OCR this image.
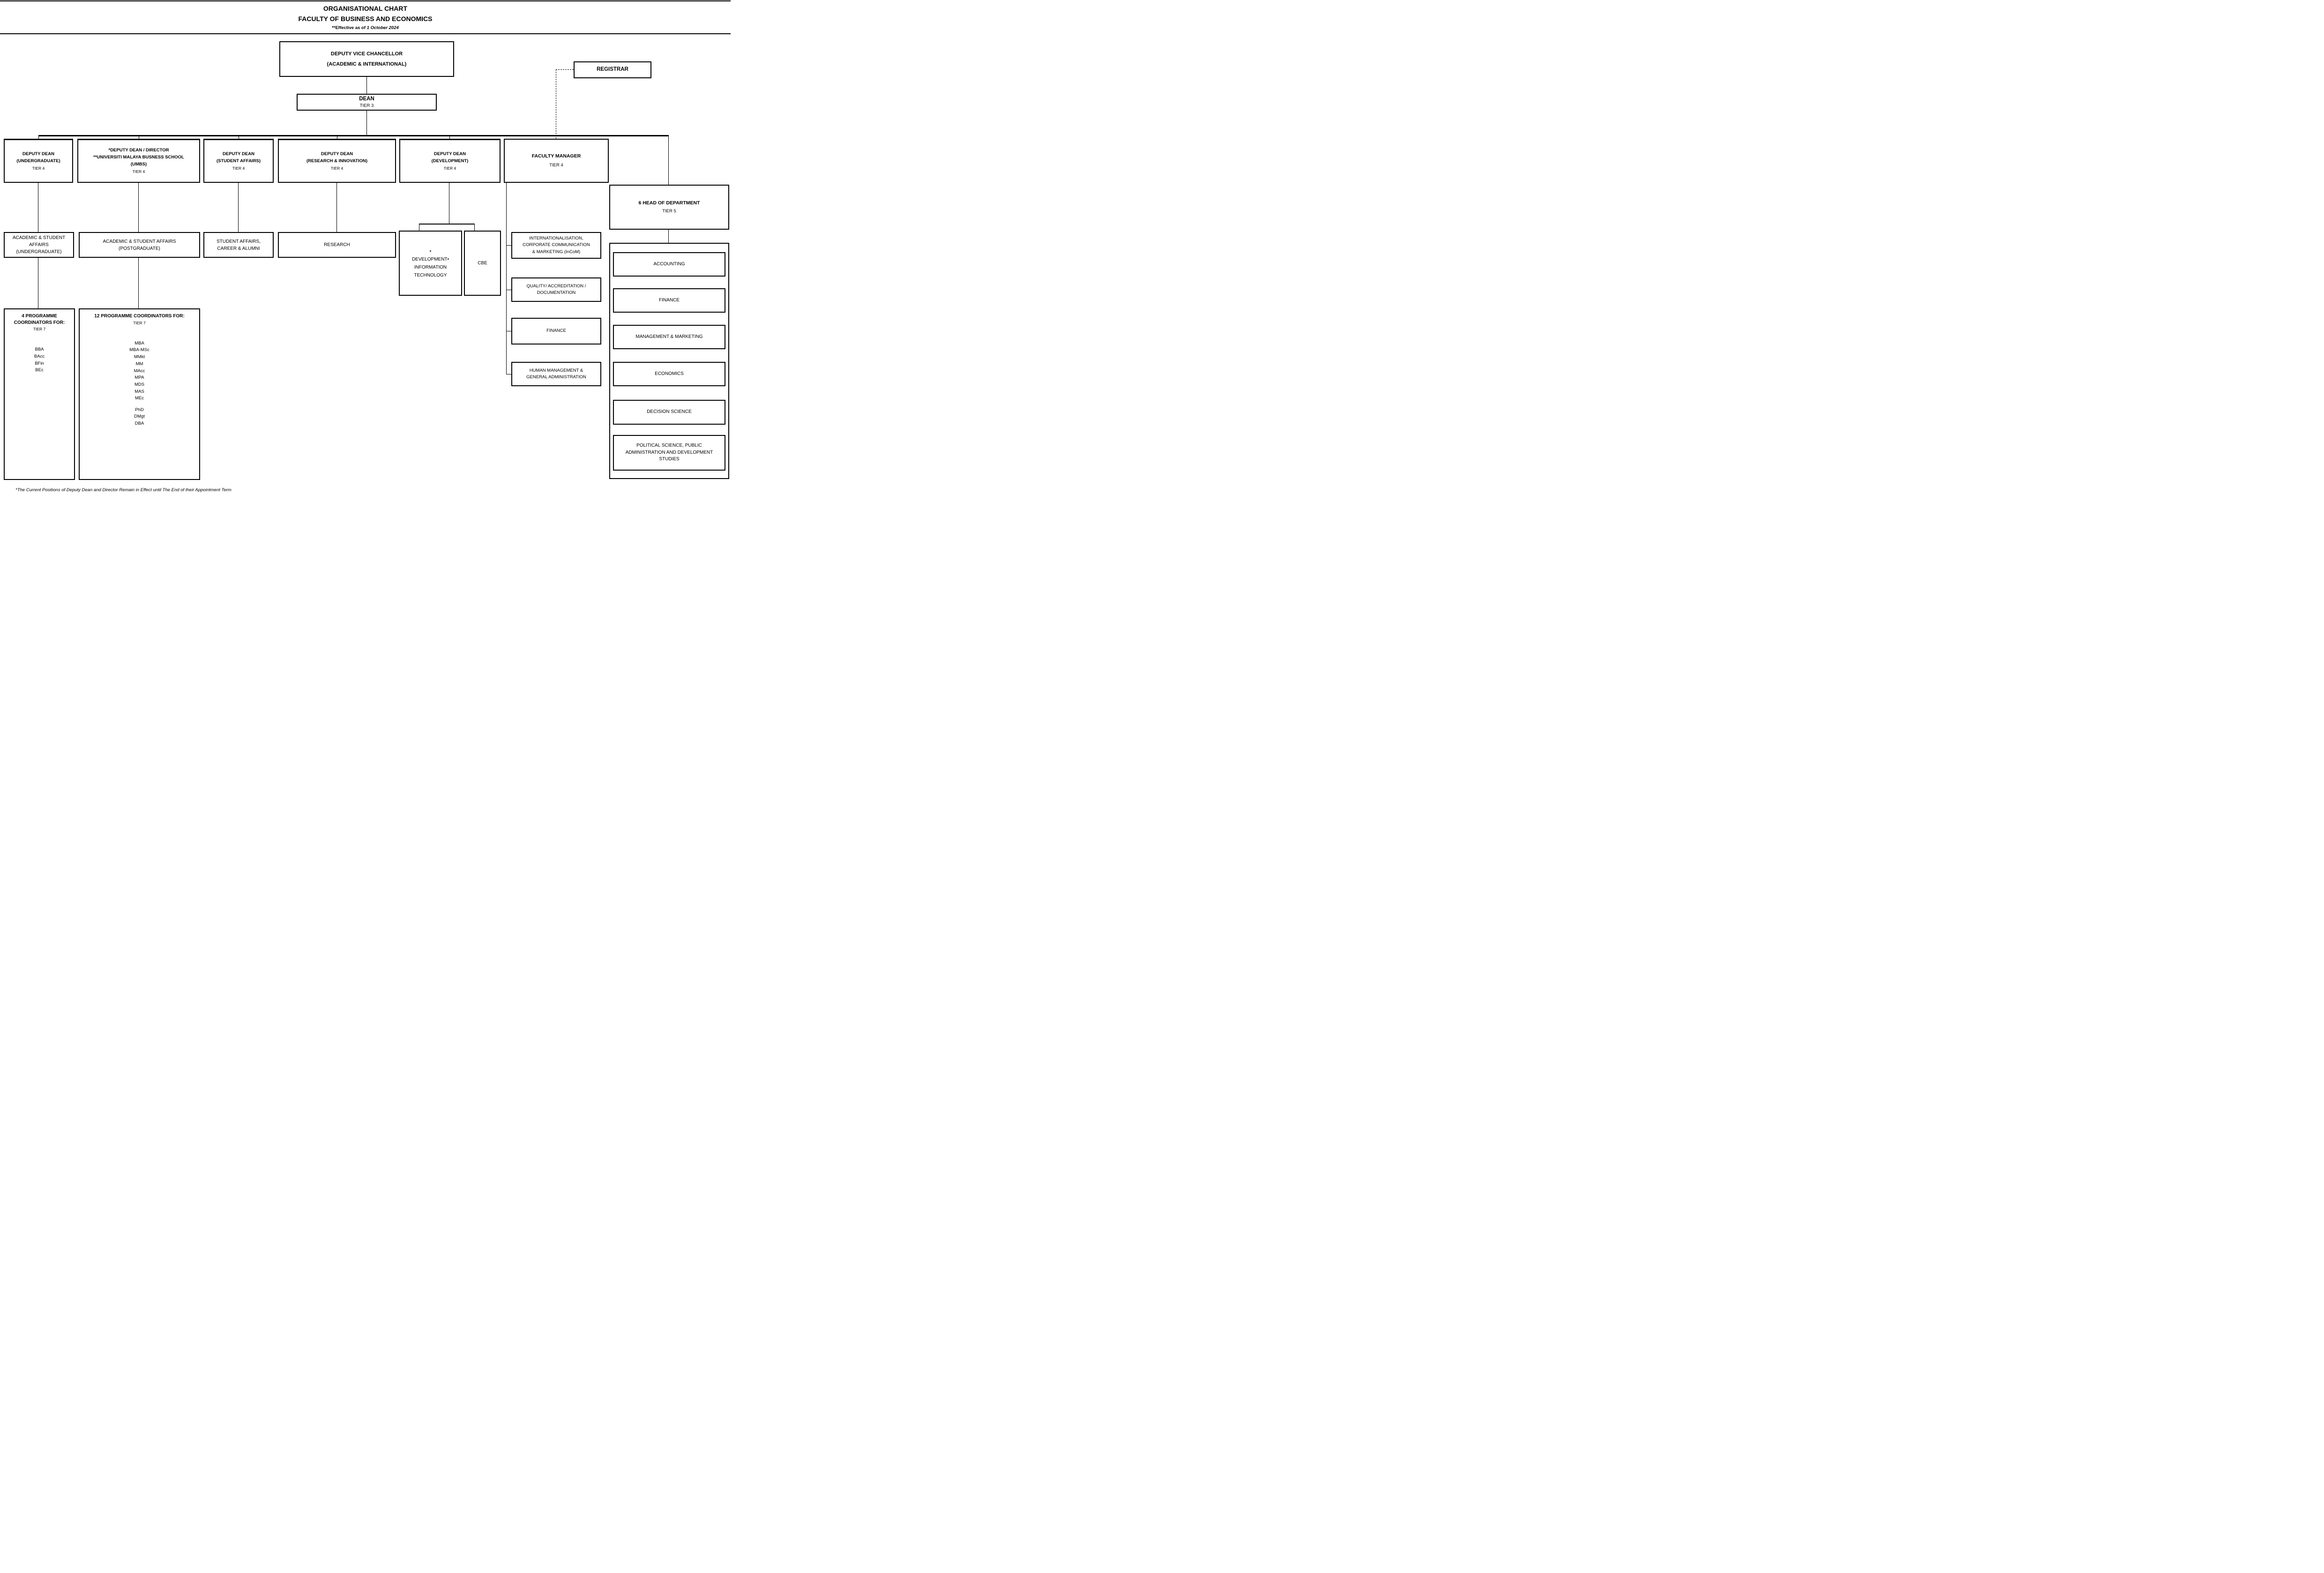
ORGANISATIONAL CHART
FACULTY OF BUSINESS AND ECONOMICS
**Effective as of 1 October 2024
DEPUTY VICE CHANCELLOR
(ACADEMIC & INTERNATIONAL)
REGISTRAR
DEAN
TIER 3
DEPUTY DEAN
(UNDERGRADUATE)
TIER 4
*DEPUTY DEAN / DIRECTOR
**UNIVERSITI MALAYA BUSNESS SCHOOL
(UMBS)
TIER 4
DEPUTY DEAN
(STUDENT AFFAIRS)
TIER 4
DEPUTY DEAN
(RESEARCH & INNOVATION)
TIER 4
DEPUTY DEAN
(DEVELOPMENT)
TIER 4
FACULTY MANAGER
TIER 4
6 HEAD OF DEPARTMENT
TIER 5
ACADEMIC & STUDENT
AFFAIRS
(UNDERGRADUATE)
ACADEMIC & STUDENT AFFAIRS
(POSTGRADUATE)
STUDENT AFFAIRS,
CAREER & ALUMNI
RESEARCH
•
DEVELOPMENT•
INFORMATION
TECHNOLOGY
CBE
INTERNATIONALISATION,
CORPORATE COMMUNICATION
& MARKETING (InCoM)
QUALITY/ ACCREDITATION /
DOCUMENTATION
FINANCE
HUMAN MANAGEMENT &
GENERAL ADMINISTRATION
4 PROGRAMME
COORDINATORS FOR:
TIER 7
BBA
BAcc
BFin
BEc
12 PROGRAMME COORDINATORS FOR:
TIER 7
MBA
MBA-MSc
MMkt
MM
MAcc
MPA
MDS
MAS
MEc
PhD
DMgt
DBA
ACCOUNTING
FINANCE
MANAGEMENT & MARKETING
ECONOMICS
DECISION SCIENCE
POLITICAL SCIENCE, PUBLIC
ADMINISTRATION AND DEVELOPMENT
STUDIES
*The Current Positions of Deputy Dean and Director Remain in Effect until The End of their Appointment Term
